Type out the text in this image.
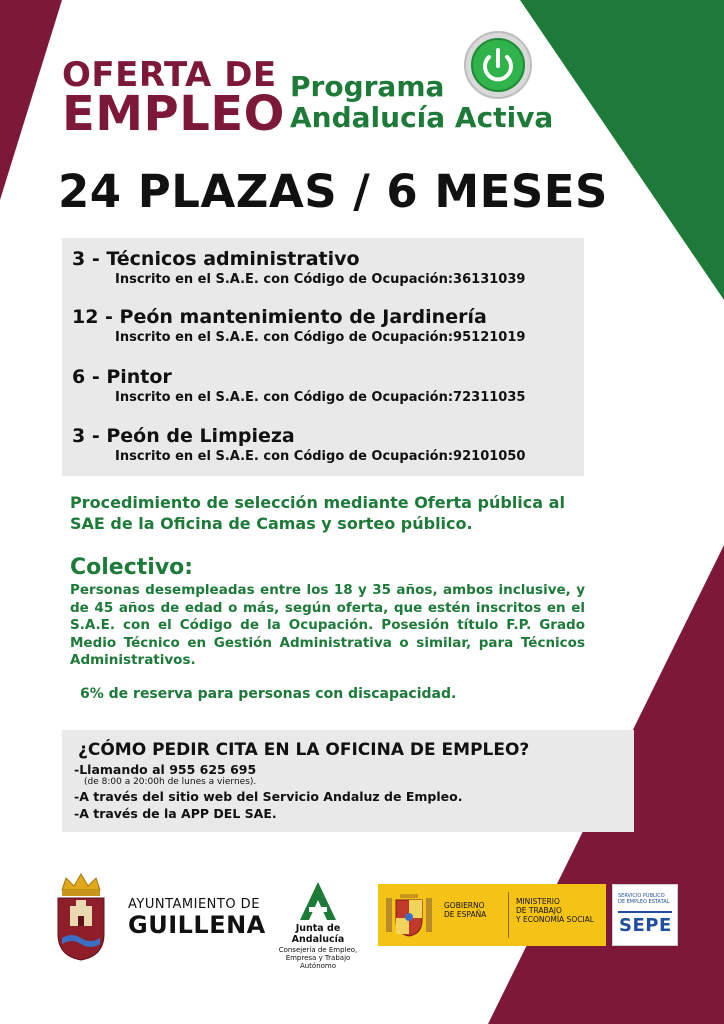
OFERTA DE
EMPLEO Programa
Andalucía Activa
24 PLAZAS / 6 MESES
3 - Técnicos administrativo
Inscrito en el S.A.E. con Código de Ocupación:36131039
12 - Peón mantenimiento de Jardinería
Inscrito en el S.A.E. con Código de Ocupación:95121019
6 - Pintor
Inscrito en el S.A.E. con Código de Ocupación:72311035
3 - Peón de Limpieza
Inscrito en el S.A.E. con Código de Ocupación:92101050
Procedimiento de selección mediante Oferta pública al SAE de la Oficina de Camas y sorteo público.
Colectivo:
Personas desempleadas entre los 18 y 35 años, ambos inclusive, y de 45 años de edad o más, según oferta, que estén inscritos en el S.A.E. con el Código de la Ocupación. Posesión título F.P. Grado Medio Técnico en Gestión Administrativa o similar, para Técnicos Administrativos.
6% de reserva para personas con discapacidad.
¿CÓMO PEDIR CITA EN LA OFICINA DE EMPLEO?
-Llamando al 955 625 695
(de 8:00 a 20:00h de lunes a viernes).
-A través del sitio web del Servicio Andaluz de Empleo.
-A través de la APP DEL SAE.
AYUNTAMIENTO DE
GUILLENA	Junta de Andalucía
Consejería de Empleo,
Empresa y Trabajo Autónomo
GOBIERNO
DE ESPAÑA
MINISTERIO
DE TRABAJO
Y ECONOMÍA SOCIAL
SERVICIO PÚBLICO
DE EMPLEO ESTATAL
SEPE
